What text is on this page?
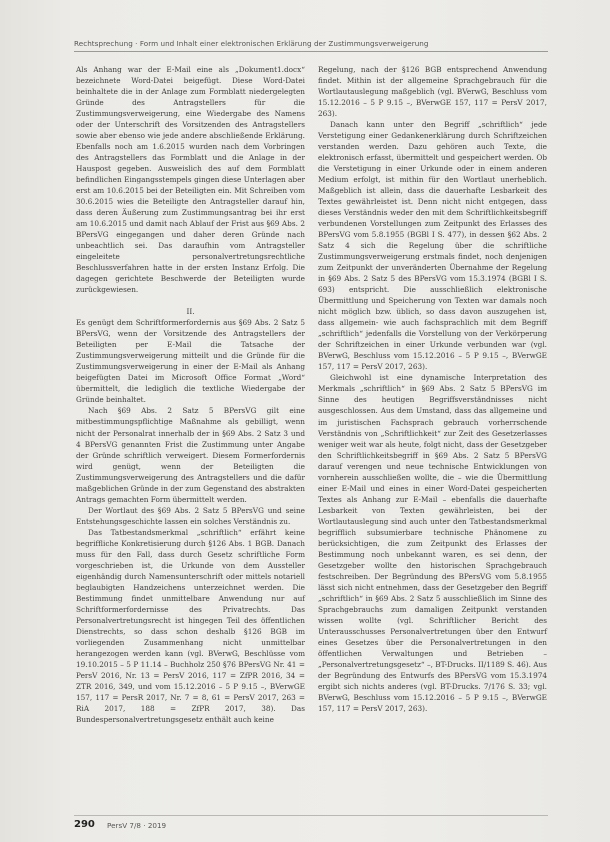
Rechtsprechung · Form und Inhalt einer elektronischen Erklärung der Zustimmungsverweigerung

Als Anhang war der E-Mail eine als „Dokument1.docx“ bezeichnete Word-Datei beigefügt. Diese Word-Datei beinhaltete die in der Anlage zum Formblatt niedergelegten Gründe des Antragstellers für die Zustimmungsverweigerung, eine Wiedergabe des Namens oder der Unterschrift des Vorsitzenden des Antragstellers sowie aber ebenso wie jede andere abschließende Erklärung. Ebenfalls noch am 1.6.2015 wurden nach dem Vorbringen des Antragstellers das Formblatt und die Anlage in der Hauspost gegeben. Ausweislich des auf dem Formblatt befindlichen Eingangsstempels gingen diese Unterlagen aber erst am 10.6.2015 bei der Beteiligten ein. Mit Schreiben vom 30.6.2015 wies die Beteiligte den Antragsteller darauf hin, dass deren Äußerung zum Zustimmungsantrag bei ihr erst am 10.6.2015 und damit nach Ablauf der Frist aus §69 Abs. 2 BPersVG eingegangen und daher deren Gründe nach unbeachtlich sei. Das daraufhin vom Antragsteller eingeleitete personalvertretungsrechtliche Beschlussverfahren hatte in der ersten Instanz Erfolg. Die dagegen gerichtete Beschwerde der Beteiligten wurde zurückgewiesen.

II.

Es genügt dem Schriftformerfordernis aus §69 Abs. 2 Satz 5 BPersVG, wenn der Vorsitzende des Antragstellers der Beteiligten per E-Mail die Tatsache der Zustimmungsverweigerung mitteilt und die Gründe für die Zustimmungsverweigerung in einer der E-Mail als Anhang beigefügten Datei im Microsoft Office Format „Word“ übermittelt, die lediglich die textliche Wiedergabe der Gründe beinhaltet.

Nach §69 Abs. 2 Satz 5 BPersVG gilt eine mitbestimmungspflichtige Maßnahme als gebilligt, wenn nicht der Personalrat innerhalb der in §69 Abs. 2 Satz 3 und 4 BPersVG genannten Frist die Zustimmung unter Angabe der Gründe schriftlich verweigert. Diesem Formerfordernis wird genügt, wenn der Beteiligten die Zustimmungsverweigerung des Antragstellers und die dafür maßgeblichen Gründe in der zum Gegenstand des abstrakten Antrags gemachten Form übermittelt werden.

Der Wortlaut des §69 Abs. 2 Satz 5 BPersVG und seine Entstehungsgeschichte lassen ein solches Verständnis zu.

Das Tatbestandsmerkmal „schriftlich“ erfährt keine begriffliche Konkretisierung durch §126 Abs. 1 BGB. Danach muss für den Fall, dass durch Gesetz schriftliche Form vorgeschrieben ist, die Urkunde von dem Aussteller eigenhändig durch Namensunterschrift oder mittels notariell beglaubigten Handzeichens unterzeichnet werden. Die Bestimmung findet unmittelbare Anwendung nur auf Schriftformerfordernisse des Privatrechts. Das Personalvertretungsrecht ist hingegen Teil des öffentlichen Dienstrechts, so dass schon deshalb §126 BGB im vorliegenden Zusammenhang nicht unmittelbar herangezogen werden kann (vgl. BVerwG, Beschlüsse vom 19.10.2015 – 5 P 11.14 – Buchholz 250 §76 BPersVG Nr. 41 = PersV 2016, Nr. 13 = PersV 2016, 117 = ZfPR 2016, 34 = ZTR 2016, 349, und vom 15.12.2016 – 5 P 9.15 –, BVerwGE 157, 117 = PersR 2017, Nr. 7 = 8, 61 = PersV 2017, 263 = RiA 2017, 188 = ZfPR 2017, 38). Das Bundespersonalvertretungsgesetz enthält auch keine

Regelung, nach der §126 BGB entsprechend Anwendung findet. Mithin ist der allgemeine Sprachgebrauch für die Wortlautauslegung maßgeblich (vgl. BVerwG, Beschluss vom 15.12.2016 – 5 P 9.15 –, BVerwGE 157, 117 = PersV 2017, 263).

Danach kann unter den Begriff „schriftlich“ jede Verstetigung einer Gedankenerklärung durch Schriftzeichen verstanden werden. Dazu gehören auch Texte, die elektronisch erfasst, übermittelt und gespeichert werden. Ob die Verstetigung in einer Urkunde oder in einem anderen Medium erfolgt, ist mithin für den Wortlaut unerheblich. Maßgeblich ist allein, dass die dauerhafte Lesbarkeit des Textes gewährleistet ist. Denn nicht nicht entgegen, dass dieses Verständnis weder den mit dem Schriftlichkeitsbegriff verbundenen Vorstellungen zum Zeitpunkt des Erlasses des BPersVG vom 5.8.1955 (BGBl I S. 477), in dessen §62 Abs. 2 Satz 4 sich die Regelung über die schriftliche Zustimmungsverweigerung erstmals findet, noch denjenigen zum Zeitpunkt der unveränderten Übernahme der Regelung in §69 Abs. 2 Satz 5 des BPersVG vom 15.3.1974 (BGBl I S. 693) entspricht. Die ausschließlich elektronische Übermittlung und Speicherung von Texten war damals noch nicht möglich bzw. üblich, so dass davon auszugehen ist, dass allgemein- wie auch fachsprachlich mit dem Begriff „schriftlich“ jedenfalls die Vorstellung von der Verkörperung der Schriftzeichen in einer Urkunde verbunden war (vgl. BVerwG, Beschluss vom 15.12.2016 – 5 P 9.15 –, BVerwGE 157, 117 = PersV 2017, 263).

Gleichwohl ist eine dynamische Interpretation des Merkmals „schriftlich“ in §69 Abs. 2 Satz 5 BPersVG im Sinne des heutigen Begriffsverständnisses nicht ausgeschlossen. Aus dem Umstand, dass das allgemeine und im juristischen Fachsprach gebrauch vorherrschende Verständnis von „Schriftlichkeit“ zur Zeit des Gesetzerlasses weniger weit war als heute, folgt nicht, dass der Gesetzgeber den Schriftlichkeitsbegriff in §69 Abs. 2 Satz 5 BPersVG darauf verengen und neue technische Entwicklungen von vornherein ausschließen wollte, die – wie die Übermittlung einer E-Mail und eines in einer Word-Datei gespeicherten Textes als Anhang zur E-Mail – ebenfalls die dauerhafte Lesbarkeit von Texten gewährleisten, bei der Wortlautauslegung sind auch unter den Tatbestandsmerkmal begrifflich subsumierbare technische Phänomene zu berücksichtigen, die zum Zeitpunkt des Erlasses der Bestimmung noch unbekannt waren, es sei denn, der Gesetzgeber wollte den historischen Sprachgebrauch festschreiben. Der Begründung des BPersVG vom 5.8.1955 lässt sich nicht entnehmen, dass der Gesetzgeber den Begriff „schriftlich“ in §69 Abs. 2 Satz 5 ausschließlich im Sinne des Sprachgebrauchs zum damaligen Zeitpunkt verstanden wissen wollte (vgl. Schriftlicher Bericht des Unterausschusses Personalvertretungen über den Entwurf eines Gesetzes über die Personalvertretungen in den öffentlichen Verwaltungen und Betrieben – „Personalvertretungsgesetz“ –, BT-Drucks. II/1189 S. 46). Aus der Begründung des Entwurfs des BPersVG vom 15.3.1974 ergibt sich nichts anderes (vgl. BT-Drucks. 7/176 S. 33; vgl. BVerwG, Beschluss vom 15.12.2016 – 5 P 9.15 –, BVerwGE 157, 117 = PersV 2017, 263).

290 PersV 7/8 · 2019
